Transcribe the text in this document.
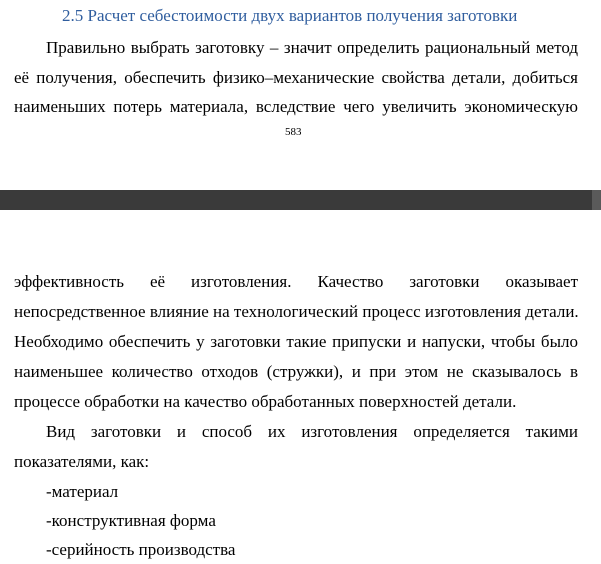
2.5 Расчет себестоимости двух вариантов получения заготовки
Правильно выбрать заготовку – значит определить рациональный метод
её получения, обеспечить физико–механические свойства детали, добиться
наименьших потерь материала, вследствие чего увеличить экономическую
583
эффективность её изготовления. Качество заготовки оказывает
непосредственное влияние на технологический процесс изготовления детали.
Необходимо обеспечить у заготовки такие припуски и напуски, чтобы было
наименьшее количество отходов (стружки), и при этом не сказывалось в
процессе обработки на качество обработанных поверхностей детали.
Вид заготовки и способ их изготовления определяется такими
показателями, как:
-материал
-конструктивная форма
-серийность производства
